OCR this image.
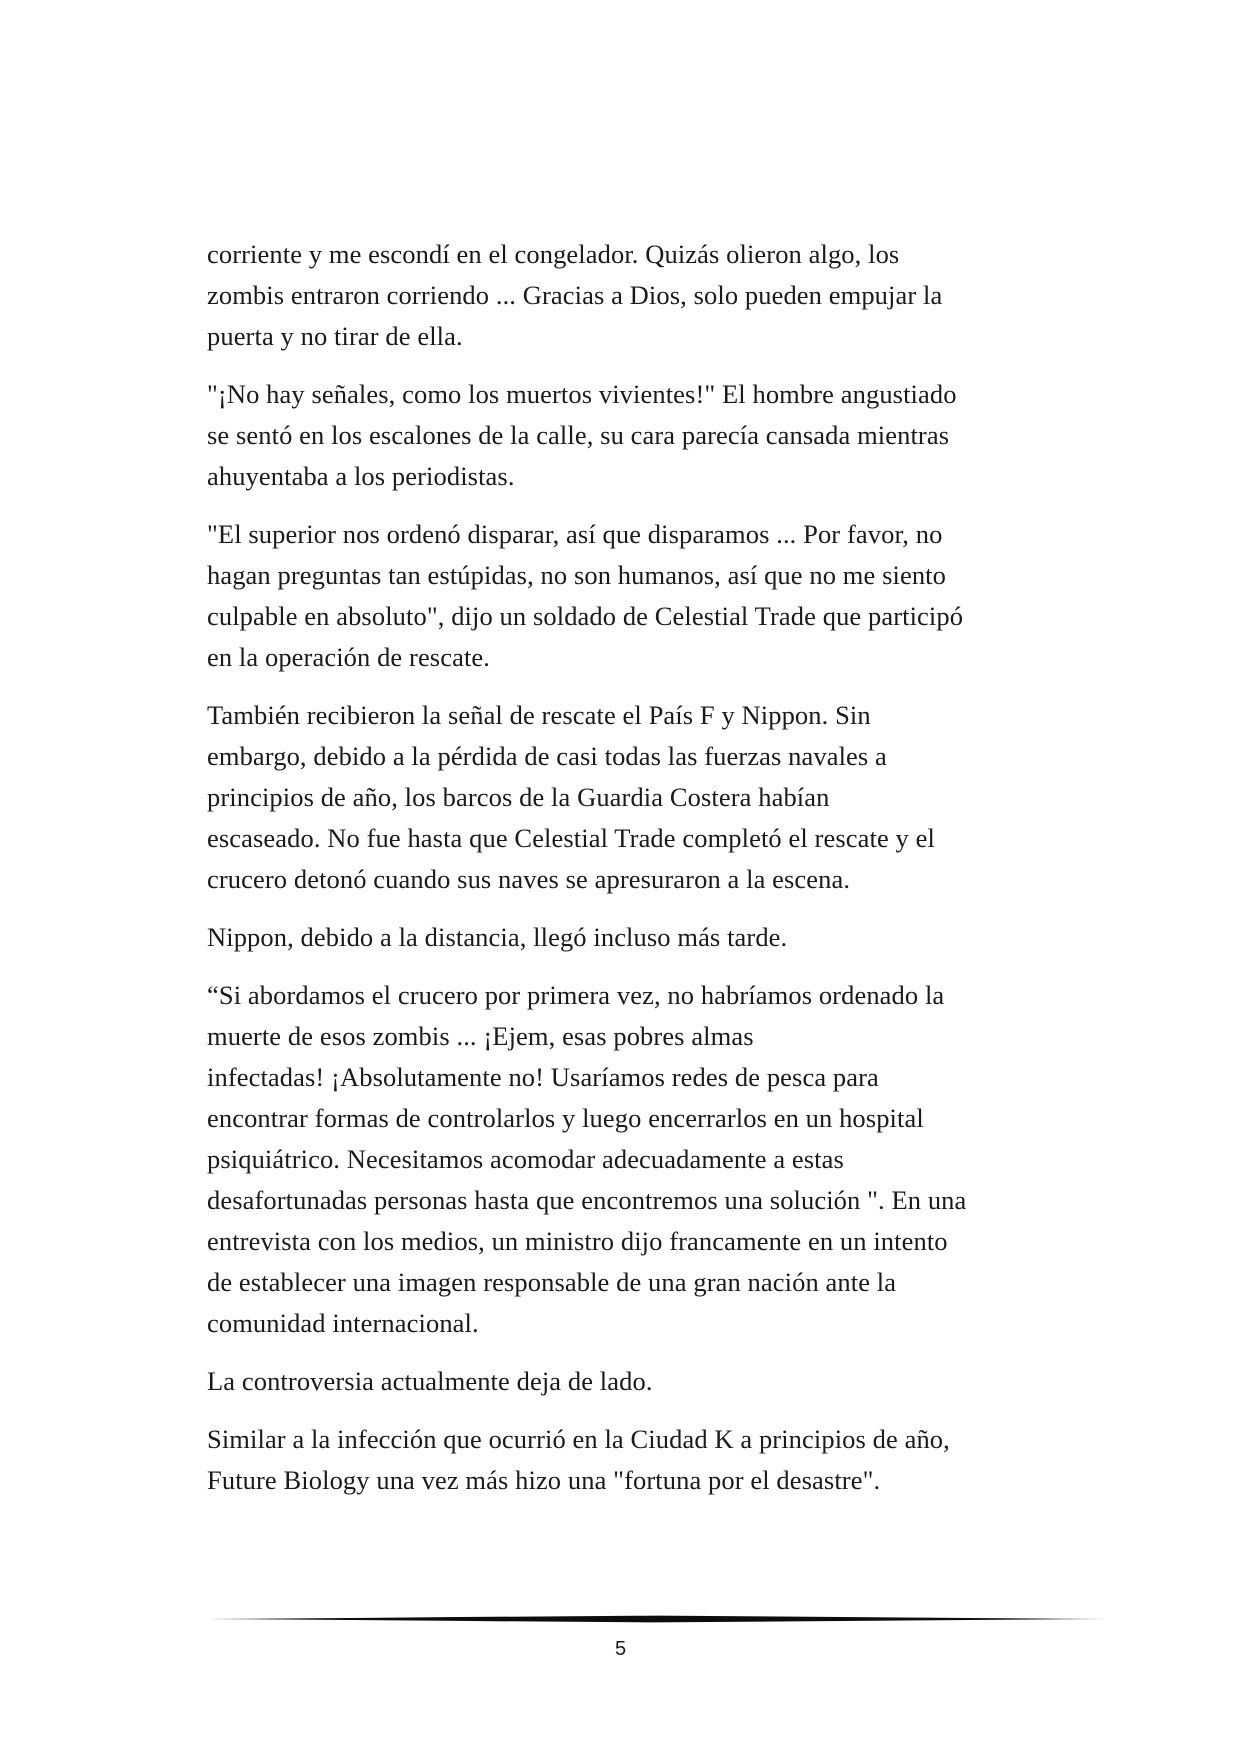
corriente y me escondí en el congelador. Quizás olieron algo, los
zombis entraron corriendo ... Gracias a Dios, solo pueden empujar la
puerta y no tirar de ella.

"¡No hay señales, como los muertos vivientes!" El hombre angustiado
se sentó en los escalones de la calle, su cara parecía cansada mientras
ahuyentaba a los periodistas.

"El superior nos ordenó disparar, así que disparamos ... Por favor, no
hagan preguntas tan estúpidas, no son humanos, así que no me siento
culpable en absoluto", dijo un soldado de Celestial Trade que participó
en la operación de rescate.

También recibieron la señal de rescate el País F y Nippon. Sin
embargo, debido a la pérdida de casi todas las fuerzas navales a
principios de año, los barcos de la Guardia Costera habían
escaseado. No fue hasta que Celestial Trade completó el rescate y el
crucero detonó cuando sus naves se apresuraron a la escena.

Nippon, debido a la distancia, llegó incluso más tarde.

“Si abordamos el crucero por primera vez, no habríamos ordenado la
muerte de esos zombis ... ¡Ejem, esas pobres almas
infectadas! ¡Absolutamente no! Usaríamos redes de pesca para
encontrar formas de controlarlos y luego encerrarlos en un hospital
psiquiátrico. Necesitamos acomodar adecuadamente a estas
desafortunadas personas hasta que encontremos una solución ". En una
entrevista con los medios, un ministro dijo francamente en un intento
de establecer una imagen responsable de una gran nación ante la
comunidad internacional.

La controversia actualmente deja de lado.

Similar a la infección que ocurrió en la Ciudad K a principios de año,
Future Biology una vez más hizo una "fortuna por el desastre".

5
